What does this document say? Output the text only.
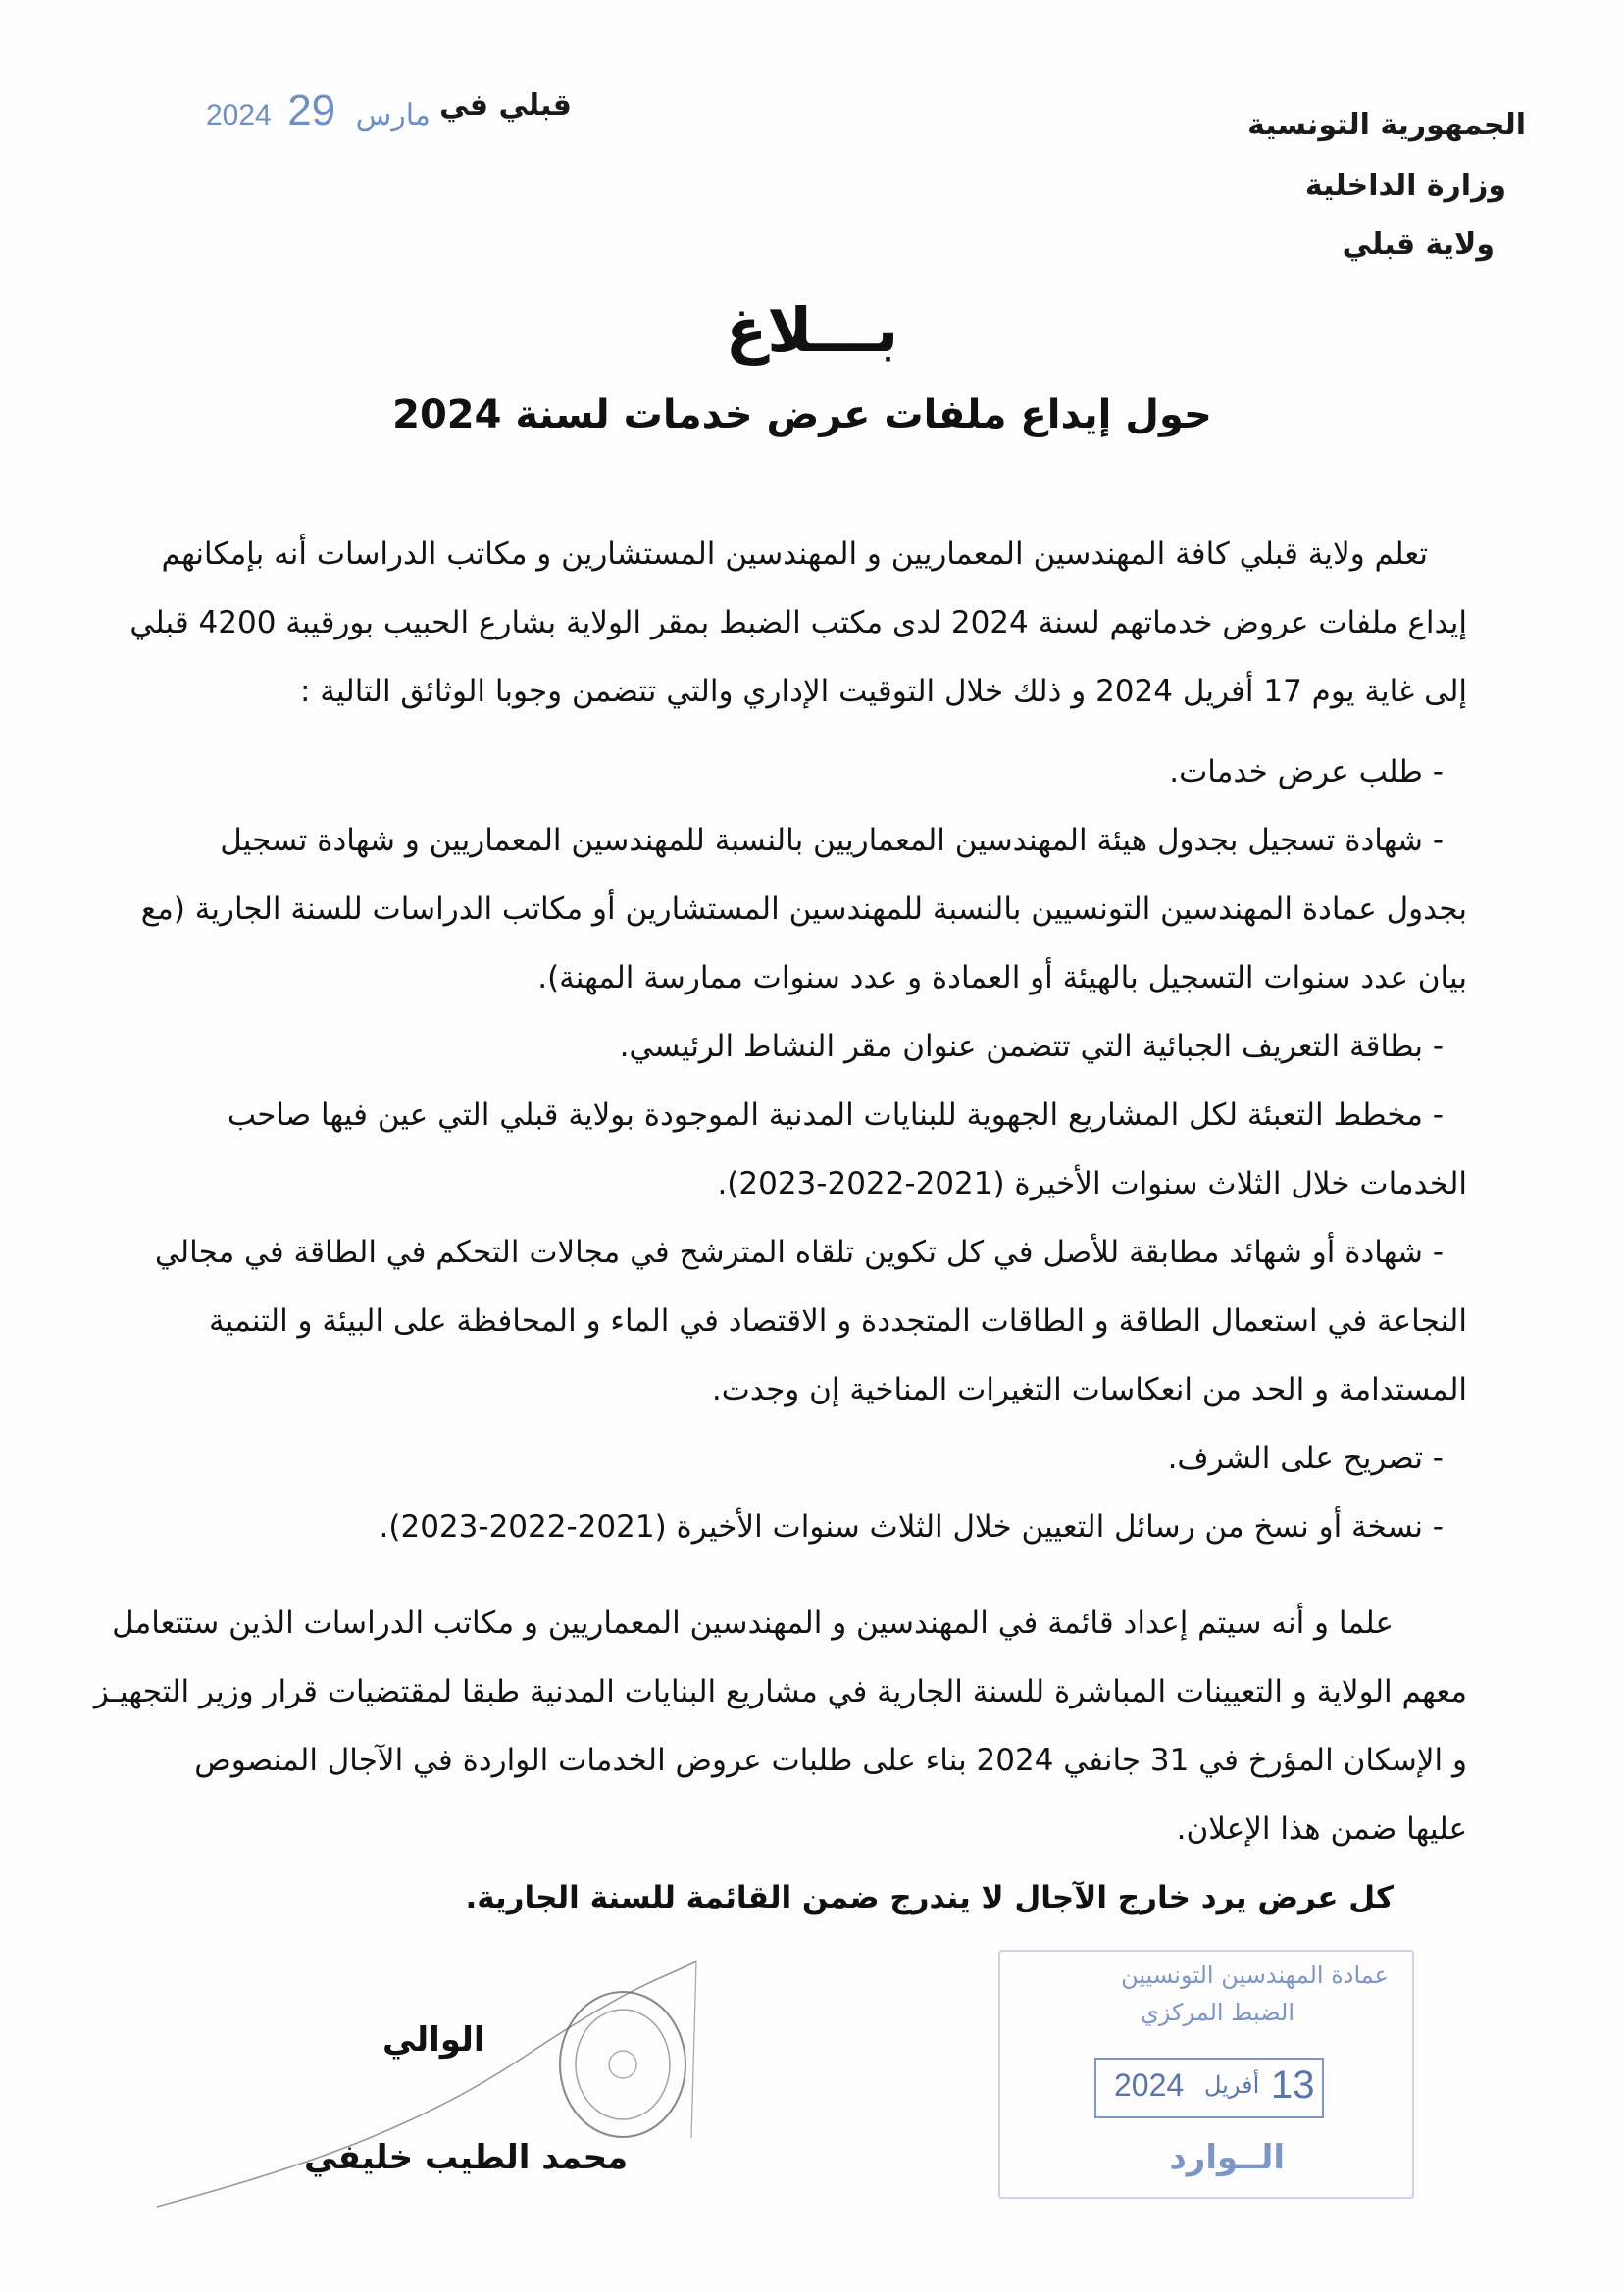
الجمهورية التونسية
وزارة الداخلية
ولاية قبلي
قبلي في
2024	مارس 29
بـــلاغ
حول إيداع ملفات عرض خدمات لسنة 2024
تعلم ولاية قبلي كافة المهندسين المعماريين و المهندسين المستشارين و مكاتب الدراسات أنه بإمكانهم
إيداع ملفات عروض خدماتهم لسنة 2024 لدى مكتب الضبط بمقر الولاية بشارع الحبيب بورقيبة 4200 قبلي
إلى غاية يوم 17 أفريل 2024 و ذلك خلال التوقيت الإداري والتي تتضمن وجوبا الوثائق التالية :
- طلب عرض خدمات.
- شهادة تسجيل بجدول هيئة المهندسين المعماريين بالنسبة للمهندسين المعماريين و شهادة تسجيل
بجدول عمادة المهندسين التونسيين بالنسبة للمهندسين المستشارين أو مكاتب الدراسات للسنة الجارية (مع
بيان عدد سنوات التسجيل بالهيئة أو العمادة و عدد سنوات ممارسة المهنة).
- بطاقة التعريف الجبائية التي تتضمن عنوان مقر النشاط الرئيسي.
- مخطط التعبئة لكل المشاريع الجهوية للبنايات المدنية الموجودة بولاية قبلي التي عين فيها صاحب
الخدمات خلال الثلاث سنوات الأخيرة (2021-2022-2023).
- شهادة أو شهائد مطابقة للأصل في كل تكوين تلقاه المترشح في مجالات التحكم في الطاقة في مجالي
النجاعة في استعمال الطاقة و الطاقات المتجددة و الاقتصاد في الماء و المحافظة على البيئة و التنمية
المستدامة و الحد من انعكاسات التغيرات المناخية إن وجدت.
- تصريح على الشرف.
- نسخة أو نسخ من رسائل التعيين خلال الثلاث سنوات الأخيرة (2021-2022-2023).
علما و أنه سيتم إعداد قائمة في المهندسين و المهندسين المعماريين و مكاتب الدراسات الذين ستتعامل
معهم الولاية و التعيينات المباشرة للسنة الجارية في مشاريع البنايات المدنية طبقا لمقتضيات قرار وزير التجهيـز
و الإسكان المؤرخ في 31 جانفي 2024 بناء على طلبات عروض الخدمات الواردة في الآجال المنصوص
عليها ضمن هذا الإعلان.
كل عرض يرد خارج الآجال لا يندرج ضمن القائمة للسنة الجارية.
الوالي
محمد الطيب خليفي
عمادة المهندسين التونسيين
الضبط المركزي
2024 أفريل 13
الــوارد
